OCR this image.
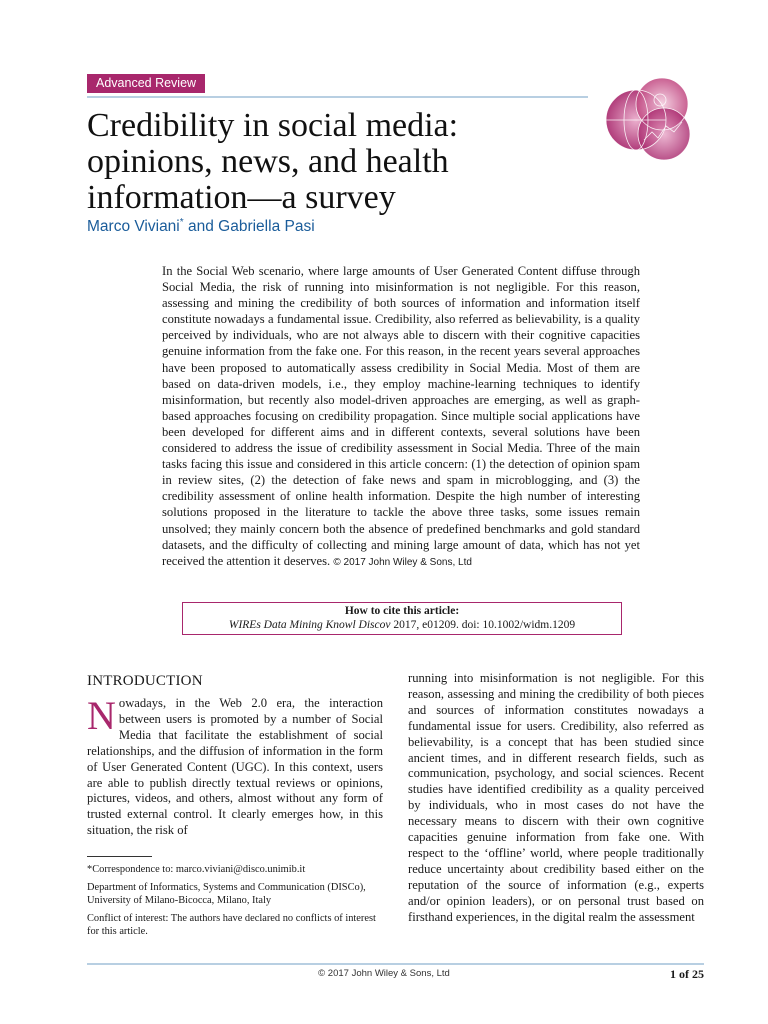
Advanced Review
Credibility in social media: opinions, news, and health information—a survey

Marco Viviani* and Gabriella Pasi

In the Social Web scenario, where large amounts of User Generated Content diffuse through Social Media, the risk of running into misinformation is not negligible. For this reason, assessing and mining the credibility of both sources of information and information itself constitute nowadays a fundamental issue. Credibility, also referred as believability, is a quality perceived by individuals, who are not always able to discern with their cognitive capacities genuine information from the fake one. For this reason, in the recent years several approaches have been proposed to automatically assess credibility in Social Media. Most of them are based on data-driven models, i.e., they employ machine-learning techniques to identify misinformation, but recently also model-driven approaches are emerging, as well as graph-based approaches focusing on credibility propagation. Since multiple social applications have been developed for different aims and in different contexts, several solutions have been considered to address the issue of credibility assessment in Social Media. Three of the main tasks facing this issue and considered in this article concern: (1) the detection of opinion spam in review sites, (2) the detection of fake news and spam in microblogging, and (3) the credibility assessment of online health information. Despite the high number of interesting solutions proposed in the literature to tackle the above three tasks, some issues remain unsolved; they mainly concern both the absence of predefined benchmarks and gold standard datasets, and the difficulty of collecting and mining large amount of data, which has not yet received the attention it deserves. © 2017 John Wiley & Sons, Ltd

How to cite this article:
WIREs Data Mining Knowl Discov 2017, e01209. doi: 10.1002/widm.1209
INTRODUCTION

Nowadays, in the Web 2.0 era, the interaction between users is promoted by a number of Social Media that facilitate the establishment of social relationships, and the diffusion of information in the form of User Generated Content (UGC). In this context, users are able to publish directly textual reviews or opinions, pictures, videos, and others, almost without any form of trusted external control. It clearly emerges how, in this situation, the risk of

running into misinformation is not negligible. For this reason, assessing and mining the credibility of both pieces and sources of information constitutes nowadays a fundamental issue for users. Credibility, also referred as believability, is a concept that has been studied since ancient times, and in different research fields, such as communication, psychology, and social sciences. Recent studies have identified credibility as a quality perceived by individuals, who in most cases do not have the necessary means to discern with their own cognitive capacities genuine information from fake one. With respect to the ‘offline’ world, where people traditionally reduce uncertainty about credibility based either on the reputation of the source of information (e.g., experts and/or opinion leaders), or on personal trust based on firsthand experiences, in the digital realm the assessment

*Correspondence to: marco.viviani@disco.unimib.it

Department of Informatics, Systems and Communication (DISCo), University of Milano-Bicocca, Milano, Italy

Conflict of interest: The authors have declared no conflicts of interest for this article.

© 2017 John Wiley & Sons, Ltd	1 of 25
